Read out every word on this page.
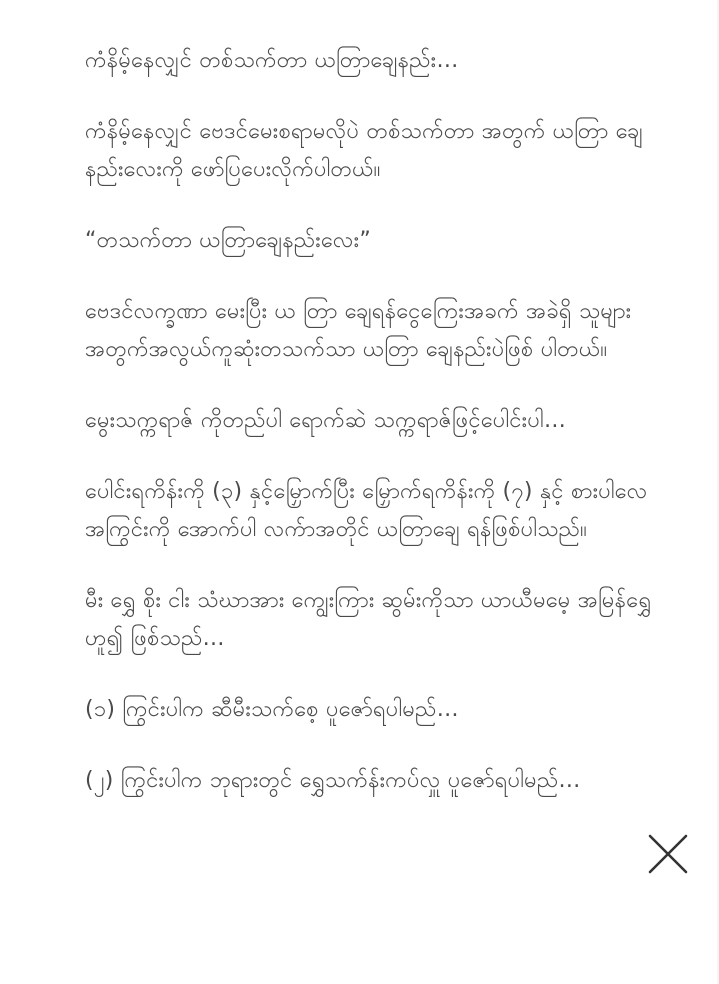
ကံနိမ့်နေလျှင် တစ်သက်တာ ယတြာချေနည်း…

ကံနိမ့်နေလျှင် ဗေဒင်မေးစရာမလိုပဲ တစ်သက်တာ အတွက် ယတြာ ချေနည်းလေးကို ဖော်ပြပေးလိုက်ပါတယ်။

“တသက်တာ ယတြာချေနည်းလေး”

ဗေဒင်လက္ခဏာ မေးပြီး ယ တြာ ချေရန်ငွေကြေးအခက် အခဲရှိ သူများအတွက်အလွယ်ကူဆုံးတသက်သာ ယတြာ ချေနည်းပဲဖြစ် ပါတယ်။

မွေးသက္ကရာဇ် ကိုတည်ပါ ရောက်ဆဲ သက္ကရာဇ်ဖြင့်ပေါင်းပါ…

ပေါင်းရကိန်းကို (၃) နှင့်မြှောက်ပြီး မြှောက်ရကိန်းကို (၇) နှင့် စားပါလေအကြွင်းကို အောက်ပါ လက်ာအတိုင် ယတြာချေ ရန်ဖြစ်ပါသည်။

မီး ရွှေ စိုး ငါး သံဃာအား ကျွေးကြား ဆွမ်းကိုသာ ယာယီမမေ့ အမြန်ရွှေ ဟူ၍ ဖြစ်သည်…

(၁) ကြွင်းပါက ဆီမီးသက်စေ့ ပူဇော်ရပါမည်…

(၂) ကြွင်းပါက ဘုရားတွင် ရွှေသက်န်းကပ်လှူ ပူဇော်ရပါမည်…
